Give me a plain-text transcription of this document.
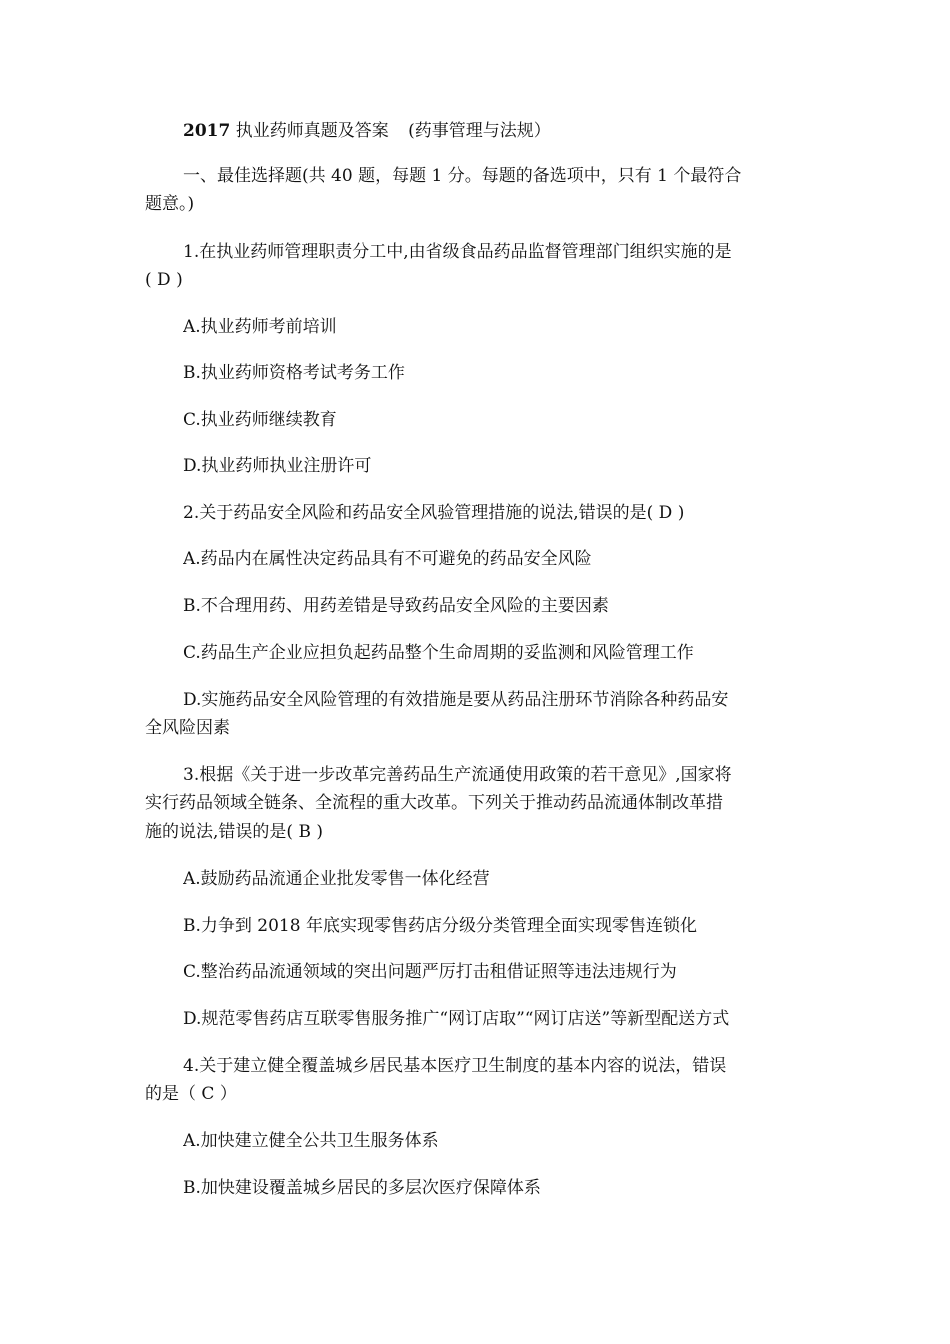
2017 执业药师真题及答案 (药事管理与法规）
一、最佳选择题(共 40 题，每题 1 分。每题的备选项中，只有 1 个最符合
题意。)
1.在执业药师管理职责分工中,由省级食品药品监督管理部门组织实施的是
( D )
A.执业药师考前培训
B.执业药师资格考试考务工作
C.执业药师继续教育
D.执业药师执业注册许可
2.关于药品安全风险和药品安全风验管理措施的说法,错误的是( D )
A.药品内在属性决定药品具有不可避免的药品安全风险
B.不合理用药、用药差错是导致药品安全风险的主要因素
C.药品生产企业应担负起药品整个生命周期的妥监测和风险管理工作
D.实施药品安全风险管理的有效措施是要从药品注册环节消除各种药品安
全风险因素
3.根据《关于进一步改革完善药品生产流通使用政策的若干意见》,国家将
实行药品领域全链条、全流程的重大改革。下列关于推动药品流通体制改革措
施的说法,错误的是( B )
A.鼓励药品流通企业批发零售一体化经营
B.力争到 2018 年底实现零售药店分级分类管理全面实现零售连锁化
C.整治药品流通领域的突出问题严厉打击租借证照等违法违规行为
D.规范零售药店互联零售服务推广“网订店取”“网订店送”等新型配送方式
4.关于建立健全覆盖城乡居民基本医疗卫生制度的基本内容的说法，错误
的是（ C ）
A.加快建立健全公共卫生服务体系
B.加快建设覆盖城乡居民的多层次医疗保障体系
